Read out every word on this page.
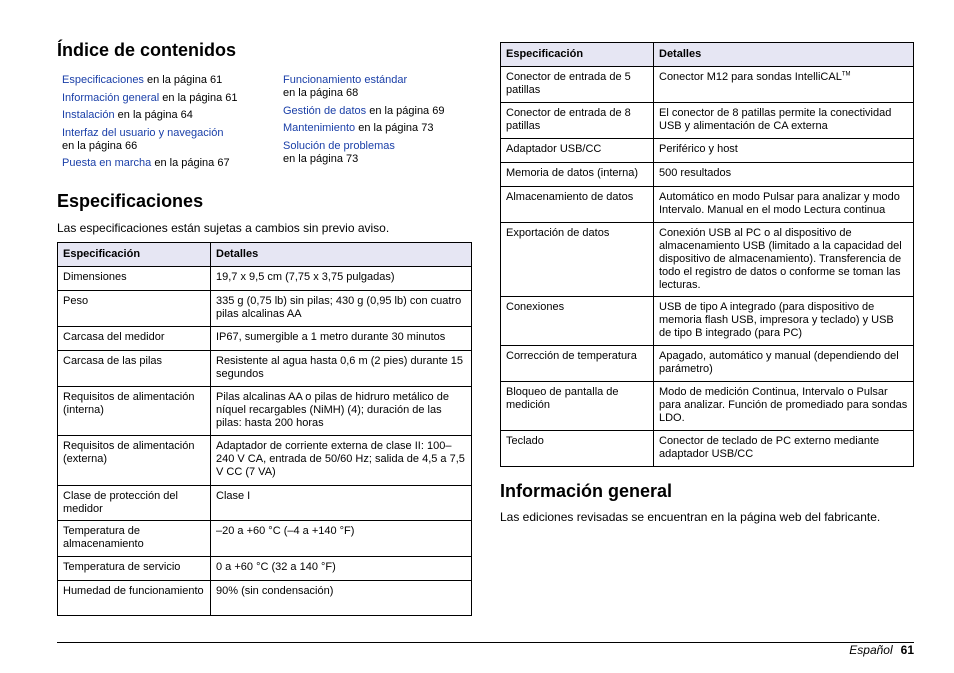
Índice de contenidos
Especificaciones en la página 61
Información general en la página 61
Instalación en la página 64
Interfaz del usuario y navegación
en la página 66
Puesta en marcha en la página 67
Funcionamiento estándar
en la página 68
Gestión de datos en la página 69
Mantenimiento en la página 73
Solución de problemas
en la página 73
Especificaciones
Las especificaciones están sujetas a cambios sin previo aviso.
Especificación	Detalles
Dimensiones	19,7 x 9,5 cm (7,75 x 3,75 pulgadas)
Peso	335 g (0,75 lb) sin pilas; 430 g (0,95 lb) con cuatro pilas alcalinas AA
Carcasa del medidor	IP67, sumergible a 1 metro durante 30 minutos
Carcasa de las pilas	Resistente al agua hasta 0,6 m (2 pies) durante 15 segundos
Requisitos de alimentación (interna)	Pilas alcalinas AA o pilas de hidruro metálico de níquel recargables (NiMH) (4); duración de las pilas: hasta 200 horas
Requisitos de alimentación (externa)	Adaptador de corriente externa de clase II: 100–240 V CA, entrada de 50/60 Hz; salida de 4,5 a 7,5 V CC (7 VA)
Clase de protección del medidor	Clase I
Temperatura de almacenamiento	–20 a +60 °C (–4 a +140 °F)
Temperatura de servicio	0 a +60 °C (32 a 140 °F)
Humedad de funcionamiento	90% (sin condensación)
Especificación	Detalles
Conector de entrada de 5 patillas	Conector M12 para sondas IntelliCAL™
Conector de entrada de 8 patillas	El conector de 8 patillas permite la conectividad USB y alimentación de CA externa
Adaptador USB/CC	Periférico y host
Memoria de datos (interna)	500 resultados
Almacenamiento de datos	Automático en modo Pulsar para analizar y modo Intervalo. Manual en el modo Lectura continua
Exportación de datos	Conexión USB al PC o al dispositivo de almacenamiento USB (limitado a la capacidad del dispositivo de almacenamiento). Transferencia de todo el registro de datos o conforme se toman las lecturas.
Conexiones	USB de tipo A integrado (para dispositivo de memoria flash USB, impresora y teclado) y USB de tipo B integrado (para PC)
Corrección de temperatura	Apagado, automático y manual (dependiendo del parámetro)
Bloqueo de pantalla de medición	Modo de medición Continua, Intervalo o Pulsar para analizar. Función de promediado para sondas LDO.
Teclado	Conector de teclado de PC externo mediante adaptador USB/CC
Información general
Las ediciones revisadas se encuentran en la página web del fabricante.
Español 61
